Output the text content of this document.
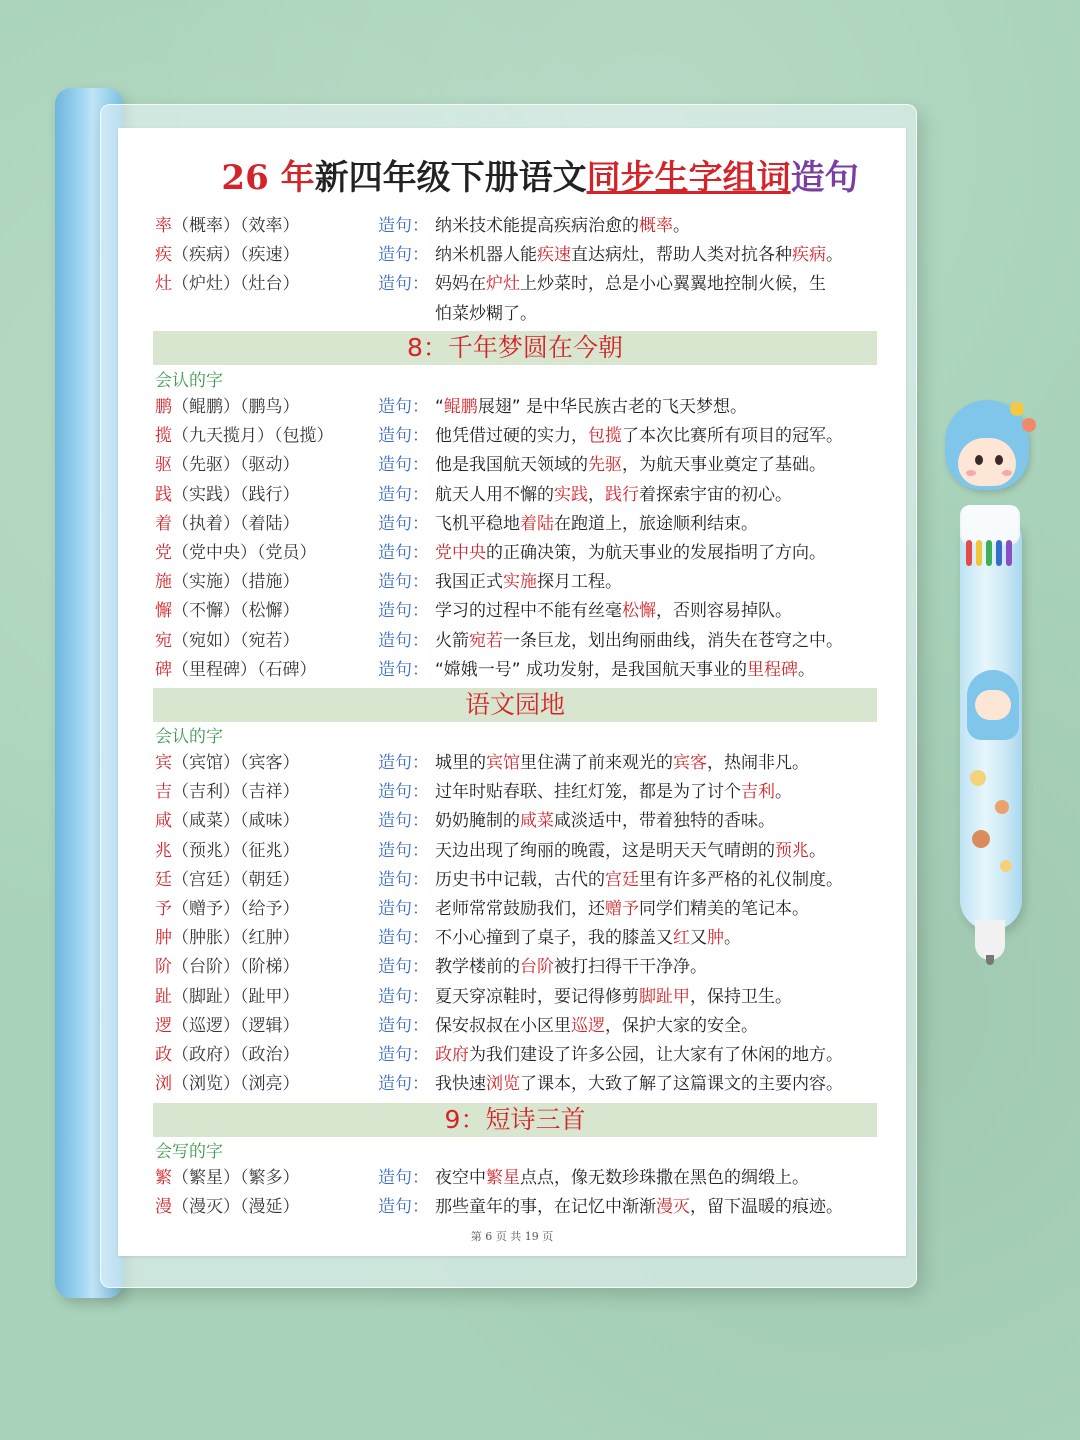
26 年新四年级下册语文同步生字组词造句
率（概率）（效率）	造句： 纳米技术能提高疾病治愈的概率。
疾（疾病）（疾速）	造句： 纳米机器人能疾速直达病灶，帮助人类对抗各种疾病。
灶（炉灶）（灶台）	造句： 妈妈在炉灶上炒菜时，总是小心翼翼地控制火候，生
怕菜炒糊了。
8：千年梦圆在今朝
会认的字
鹏（鲲鹏）（鹏鸟）	造句： “鲲鹏展翅” 是中华民族古老的飞天梦想。
揽（九天揽月）（包揽）	造句： 他凭借过硬的实力，包揽了本次比赛所有项目的冠军。
驱（先驱）（驱动）	造句： 他是我国航天领域的先驱，为航天事业奠定了基础。
践（实践）（践行）	造句： 航天人用不懈的实践，践行着探索宇宙的初心。
着（执着）（着陆）	造句： 飞机平稳地着陆在跑道上，旅途顺利结束。
党（党中央）（党员）	造句： 党中央的正确决策，为航天事业的发展指明了方向。
施（实施）（措施）	造句： 我国正式实施探月工程。
懈（不懈）（松懈）	造句： 学习的过程中不能有丝毫松懈，否则容易掉队。
宛（宛如）（宛若）	造句： 火箭宛若一条巨龙，划出绚丽曲线，消失在苍穹之中。
碑（里程碑）（石碑）	造句： “嫦娥一号” 成功发射，是我国航天事业的里程碑。
语文园地
会认的字
宾（宾馆）（宾客）	造句： 城里的宾馆里住满了前来观光的宾客，热闹非凡。
吉（吉利）（吉祥）	造句： 过年时贴春联、挂红灯笼，都是为了讨个吉利。
咸（咸菜）（咸味）	造句： 奶奶腌制的咸菜咸淡适中，带着独特的香味。
兆（预兆）（征兆）	造句： 天边出现了绚丽的晚霞，这是明天天气晴朗的预兆。
廷（宫廷）（朝廷）	造句： 历史书中记载，古代的宫廷里有许多严格的礼仪制度。
予（赠予）（给予）	造句： 老师常常鼓励我们，还赠予同学们精美的笔记本。
肿（肿胀）（红肿）	造句： 不小心撞到了桌子，我的膝盖又红又肿。
阶（台阶）（阶梯）	造句： 教学楼前的台阶被打扫得干干净净。
趾（脚趾）（趾甲）	造句： 夏天穿凉鞋时，要记得修剪脚趾甲，保持卫生。
逻（巡逻）（逻辑）	造句： 保安叔叔在小区里巡逻，保护大家的安全。
政（政府）（政治）	造句： 政府为我们建设了许多公园，让大家有了休闲的地方。
浏（浏览）（浏亮）	造句： 我快速浏览了课本，大致了解了这篇课文的主要内容。
9：短诗三首
会写的字
繁（繁星）（繁多）	造句： 夜空中繁星点点，像无数珍珠撒在黑色的绸缎上。
漫（漫灭）（漫延）	造句： 那些童年的事，在记忆中渐渐漫灭，留下温暖的痕迹。
第 6 页 共 19 页
